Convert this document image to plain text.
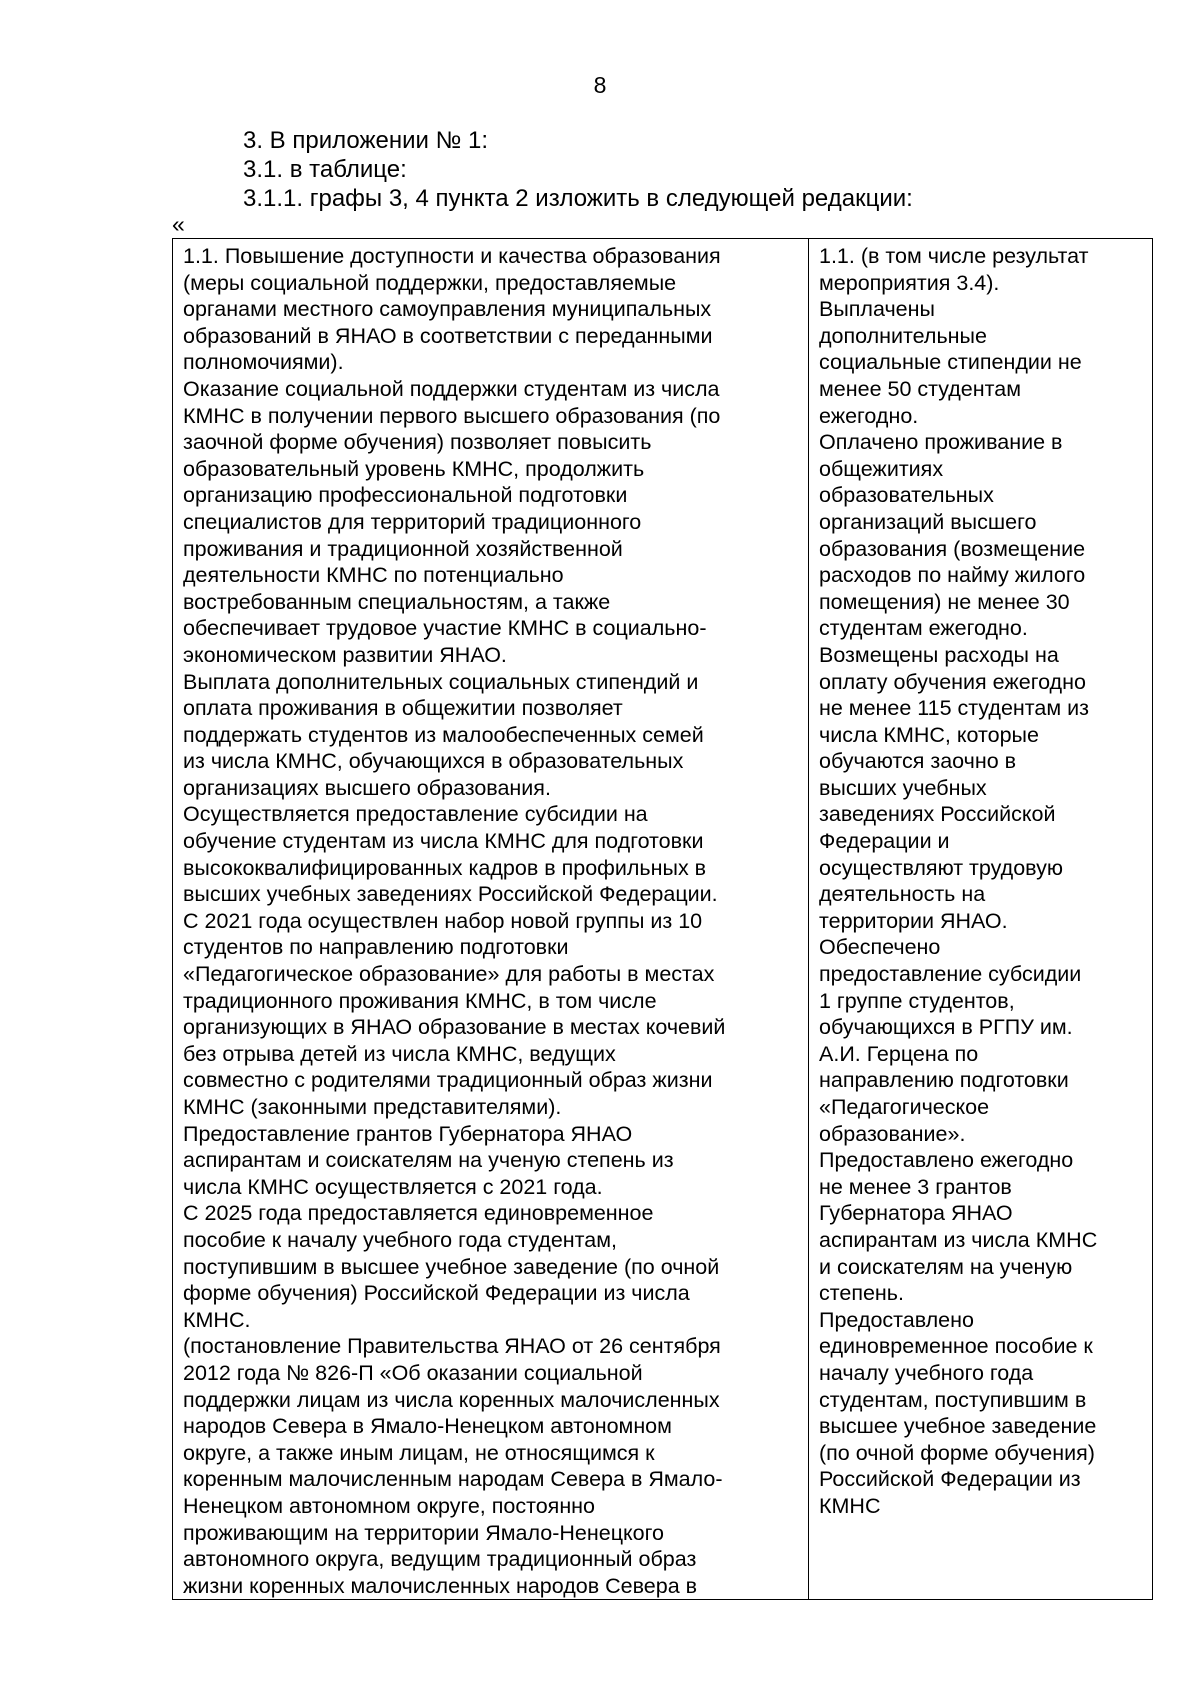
8

3. В приложении № 1:

3.1. в таблице:

3.1.1. графы 3, 4 пункта 2 изложить в следующей редакции:

«
1.1. Повышение доступности и качества образования
(меры социальной поддержки, предоставляемые
органами местного самоуправления муниципальных
образований в ЯНАО в соответствии с переданными
полномочиями).
Оказание социальной поддержки студентам из числа
КМНС в получении первого высшего образования (по
заочной форме обучения) позволяет повысить
образовательный уровень КМНС, продолжить
организацию профессиональной подготовки
специалистов для территорий традиционного
проживания и традиционной хозяйственной
деятельности КМНС по потенциально
востребованным специальностям, а также
обеспечивает трудовое участие КМНС в социально-
экономическом развитии ЯНАО.
Выплата дополнительных социальных стипендий и
оплата проживания в общежитии позволяет
поддержать студентов из малообеспеченных семей
из числа КМНС, обучающихся в образовательных
организациях высшего образования.
Осуществляется предоставление субсидии на
обучение студентам из числа КМНС для подготовки
высококвалифицированных кадров в профильных в
высших учебных заведениях Российской Федерации.
С 2021 года осуществлен набор новой группы из 10
студентов по направлению подготовки
«Педагогическое образование» для работы в местах
традиционного проживания КМНС, в том числе
организующих в ЯНАО образование в местах кочевий
без отрыва детей из числа КМНС, ведущих
совместно с родителями традиционный образ жизни
КМНС (законными представителями).
Предоставление грантов Губернатора ЯНАО
аспирантам и соискателям на ученую степень из
числа КМНС осуществляется с 2021 года.
С 2025 года предоставляется единовременное
пособие к началу учебного года студентам,
поступившим в высшее учебное заведение (по очной
форме обучения) Российской Федерации из числа
КМНС.
(постановление Правительства ЯНАО от 26 сентября
2012 года № 826-П «Об оказании социальной
поддержки лицам из числа коренных малочисленных
народов Севера в Ямало-Ненецком автономном
округе, а также иным лицам, не относящимся к
коренным малочисленным народам Севера в Ямало-
Ненецком автономном округе, постоянно
проживающим на территории Ямало-Ненецкого
автономного округа, ведущим традиционный образ
жизни коренных малочисленных народов Севера в

1.1. (в том числе результат
мероприятия 3.4).
Выплачены
дополнительные
социальные стипендии не
менее 50 студентам
ежегодно.
Оплачено проживание в
общежитиях
образовательных
организаций высшего
образования (возмещение
расходов по найму жилого
помещения) не менее 30
студентам ежегодно.
Возмещены расходы на
оплату обучения ежегодно
не менее 115 студентам из
числа КМНС, которые
обучаются заочно в
высших учебных
заведениях Российской
Федерации и
осуществляют трудовую
деятельность на
территории ЯНАО.
Обеспечено
предоставление субсидии
1 группе студентов,
обучающихся в РГПУ им.
А.И. Герцена по
направлению подготовки
«Педагогическое
образование».
Предоставлено ежегодно
не менее 3 грантов
Губернатора ЯНАО
аспирантам из числа КМНС
и соискателям на ученую
степень.
Предоставлено
единовременное пособие к
началу учебного года
студентам, поступившим в
высшее учебное заведение
(по очной форме обучения)
Российской Федерации из
КМНС
